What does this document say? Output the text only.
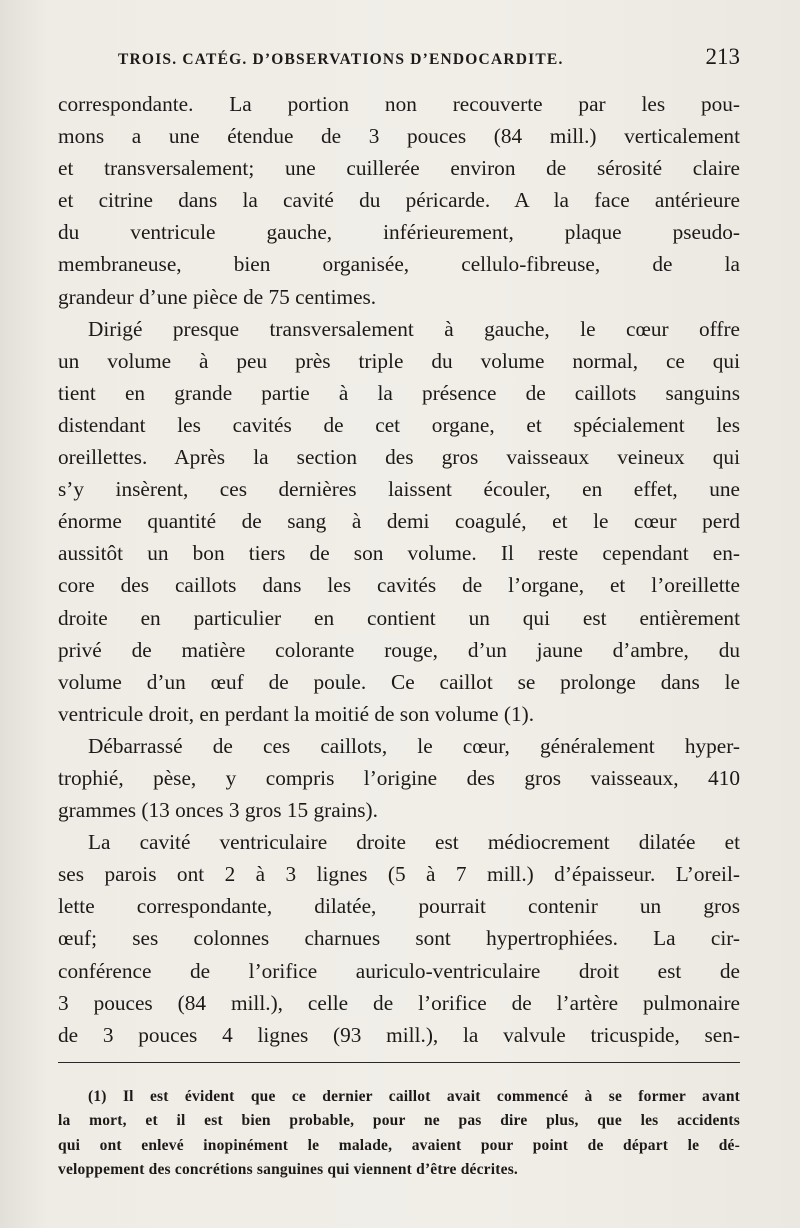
TROIS. CATÉG. D’OBSERVATIONS D’ENDOCARDITE.	213

correspondante. La portion non recouverte par les pou-
mons a une étendue de 3 pouces (84 mill.) verticalement
et transversalement; une cuillerée environ de sérosité claire
et citrine dans la cavité du péricarde. A la face antérieure
du ventricule gauche, inférieurement, plaque pseudo-
membraneuse, bien organisée, cellulo-fibreuse, de la
grandeur d’une pièce de 75 centimes.

Dirigé presque transversalement à gauche, le cœur offre
un volume à peu près triple du volume normal, ce qui
tient en grande partie à la présence de caillots sanguins
distendant les cavités de cet organe, et spécialement les
oreillettes. Après la section des gros vaisseaux veineux qui
s’y insèrent, ces dernières laissent écouler, en effet, une
énorme quantité de sang à demi coagulé, et le cœur perd
aussitôt un bon tiers de son volume. Il reste cependant en-
core des caillots dans les cavités de l’organe, et l’oreillette
droite en particulier en contient un qui est entièrement
privé de matière colorante rouge, d’un jaune d’ambre, du
volume d’un œuf de poule. Ce caillot se prolonge dans le
ventricule droit, en perdant la moitié de son volume (1).

Débarrassé de ces caillots, le cœur, généralement hyper-
trophié, pèse, y compris l’origine des gros vaisseaux, 410
grammes (13 onces 3 gros 15 grains).

La cavité ventriculaire droite est médiocrement dilatée et
ses parois ont 2 à 3 lignes (5 à 7 mill.) d’épaisseur. L’oreil-
lette correspondante, dilatée, pourrait contenir un gros
œuf; ses colonnes charnues sont hypertrophiées. La cir-
conférence de l’orifice auriculo-ventriculaire droit est de
3 pouces (84 mill.), celle de l’orifice de l’artère pulmonaire
de 3 pouces 4 lignes (93 mill.), la valvule tricuspide, sen-

(1) Il est évident que ce dernier caillot avait commencé à se former avant
la mort, et il est bien probable, pour ne pas dire plus, que les accidents
qui ont enlevé inopinément le malade, avaient pour point de départ le dé-
veloppement des concrétions sanguines qui viennent d’être décrites.
